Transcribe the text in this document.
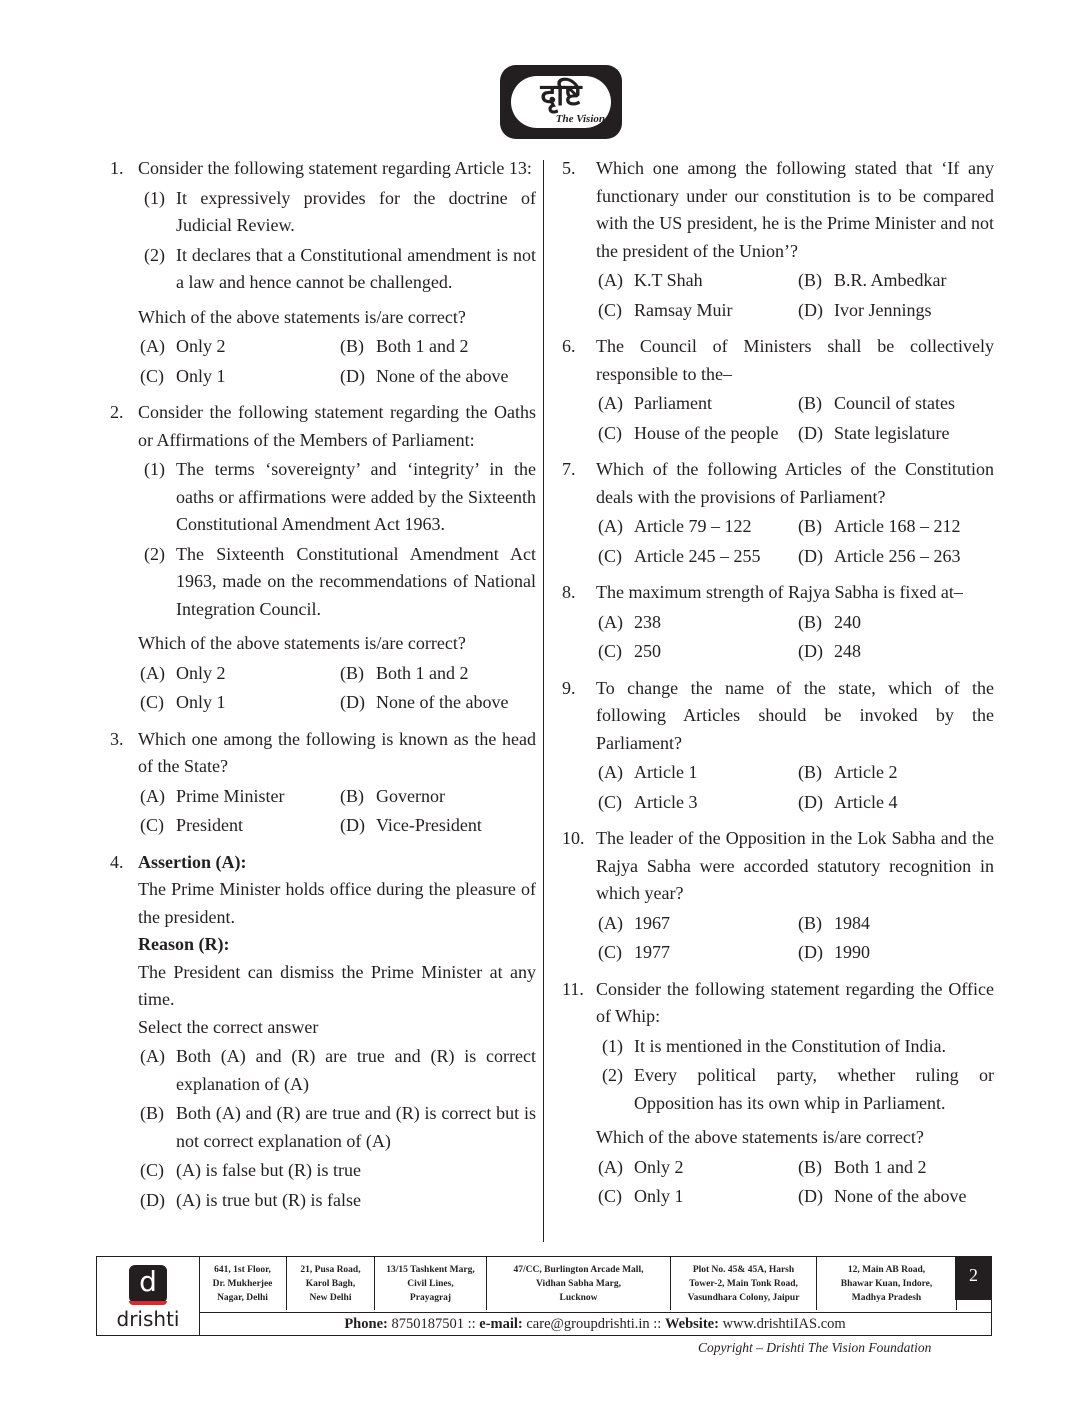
दृष्टि
The Vision
1. Consider the following statement regarding Article 13:
(1) It expressively provides for the doctrine of Judicial Review.
(2) It declares that a Constitutional amendment is not a law and hence cannot be challenged.
Which of the above statements is/are correct?
(A) Only 2	(B) Both 1 and 2
(C) Only 1	(D) None of the above
2. Consider the following statement regarding the Oaths or Affirmations of the Members of Parliament:
(1) The terms ‘sovereignty’ and ‘integrity’ in the oaths or affirmations were added by the Sixteenth Constitutional Amendment Act 1963.
(2) The Sixteenth Constitutional Amendment Act 1963, made on the recommendations of National Integration Council.
Which of the above statements is/are correct?
(A) Only 2	(B) Both 1 and 2
(C) Only 1	(D) None of the above
3. Which one among the following is known as the head of the State?
(A) Prime Minister	(B) Governor
(C) President	(D) Vice-President
4. Assertion (A):
The Prime Minister holds office during the pleasure of the president.
Reason (R):
The President can dismiss the Prime Minister at any time.
Select the correct answer
(A) Both (A) and (R) are true and (R) is correct explanation of (A)
(B) Both (A) and (R) are true and (R) is correct but is not correct explanation of (A)
(C) (A) is false but (R) is true
(D) (A) is true but (R) is false
5. Which one among the following stated that ‘If any functionary under our constitution is to be compared with the US president, he is the Prime Minister and not the president of the Union’?
(A) K.T Shah	(B) B.R. Ambedkar
(C) Ramsay Muir	(D) Ivor Jennings
6. The Council of Ministers shall be collectively responsible to the–
(A) Parliament	(B) Council of states
(C) House of the people	(D) State legislature
7. Which of the following Articles of the Constitution deals with the provisions of Parliament?
(A) Article 79 – 122	(B) Article 168 – 212
(C) Article 245 – 255	(D) Article 256 – 263
8. The maximum strength of Rajya Sabha is fixed at–
(A) 238	(B) 240
(C) 250	(D) 248
9. To change the name of the state, which of the following Articles should be invoked by the Parliament?
(A) Article 1	(B) Article 2
(C) Article 3	(D) Article 4
10. The leader of the Opposition in the Lok Sabha and the Rajya Sabha were accorded statutory recognition in which year?
(A) 1967	(B) 1984
(C) 1977	(D) 1990
11. Consider the following statement regarding the Office of Whip:
(1) It is mentioned in the Constitution of India.
(2) Every political party, whether ruling or Opposition has its own whip in Parliament.
Which of the above statements is/are correct?
(A) Only 2	(B) Both 1 and 2
(C) Only 1	(D) None of the above
d
drishti
641, 1st Floor,
Dr. Mukherjee
Nagar, Delhi
21, Pusa Road,
Karol Bagh,
New Delhi
13/15 Tashkent Marg,
Civil Lines,
Prayagraj
47/CC, Burlington Arcade Mall,
Vidhan Sabha Marg,
Lucknow
Plot No. 45& 45A, Harsh
Tower-2, Main Tonk Road,
Vasundhara Colony, Jaipur
12, Main AB Road,
Bhawar Kuan, Indore,
Madhya Pradesh
2
Phone: 8750187501 :: e-mail: care@groupdrishti.in :: Website: www.drishtiIAS.com
Copyright – Drishti The Vision Foundation
